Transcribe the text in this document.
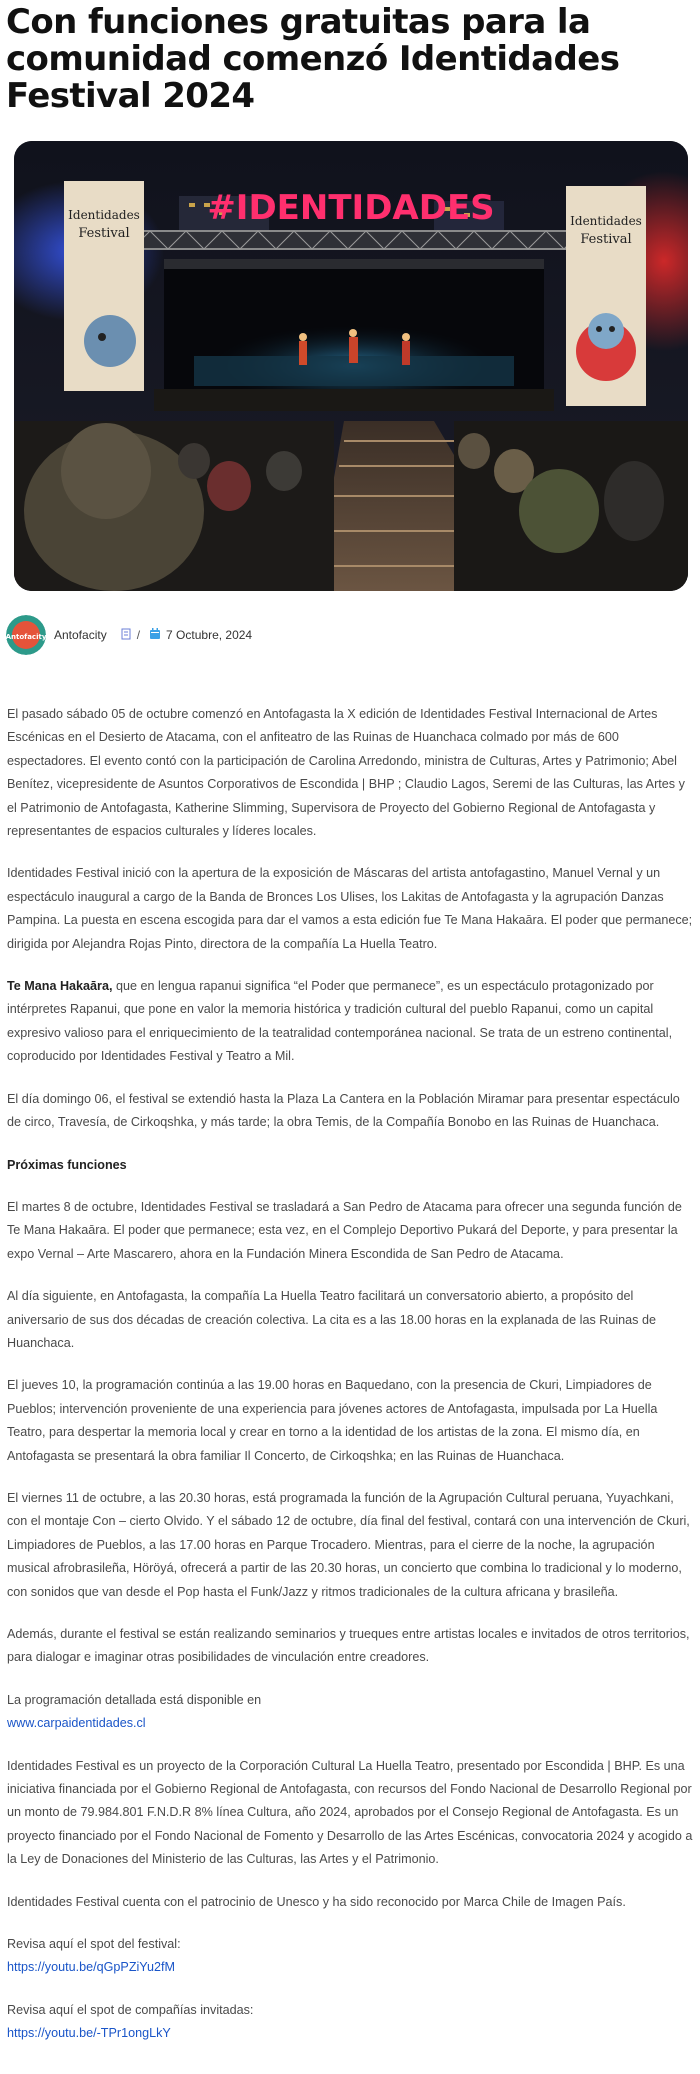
Con funciones gratuitas para la comunidad comenzó Identidades Festival 2024
#IDENTIDADES
Identidades
Festival
Identidades
Festival
Antofacity Antofacity	/ 7 Octubre, 2024

El pasado sábado 05 de octubre comenzó en Antofagasta la X edición de Identidades Festival Internacional de Artes Escénicas en el Desierto de Atacama, con el anfiteatro de las Ruinas de Huanchaca colmado por más de 600 espectadores. El evento contó con la participación de Carolina Arredondo, ministra de Culturas, Artes y Patrimonio; Abel Benítez, vicepresidente de Asuntos Corporativos de Escondida | BHP ; Claudio Lagos, Seremi de las Culturas, las Artes y el Patrimonio de Antofagasta, Katherine Slimming, Supervisora de Proyecto del Gobierno Regional de Antofagasta y representantes de espacios culturales y líderes locales.

Identidades Festival inició con la apertura de la exposición de Máscaras del artista antofagastino, Manuel Vernal y un espectáculo inaugural a cargo de la Banda de Bronces Los Ulises, los Lakitas de Antofagasta y la agrupación Danzas Pampina. La puesta en escena escogida para dar el vamos a esta edición fue Te Mana Hakaāra. El poder que permanece; dirigida por Alejandra Rojas Pinto, directora de la compañía La Huella Teatro.

Te Mana Hakaāra, que en lengua rapanui significa “el Poder que permanece”, es un espectáculo protagonizado por intérpretes Rapanui, que pone en valor la memoria histórica y tradición cultural del pueblo Rapanui, como un capital expresivo valioso para el enriquecimiento de la teatralidad contemporánea nacional. Se trata de un estreno continental, coproducido por Identidades Festival y Teatro a Mil.

El día domingo 06, el festival se extendió hasta la Plaza La Cantera en la Población Miramar para presentar espectáculo de circo, Travesía, de Cirkoqshka, y más tarde; la obra Temis, de la Compañía Bonobo en las Ruinas de Huanchaca.

Próximas funciones

El martes 8 de octubre, Identidades Festival se trasladará a San Pedro de Atacama para ofrecer una segunda función de Te Mana Hakaāra. El poder que permanece; esta vez, en el Complejo Deportivo Pukará del Deporte, y para presentar la expo Vernal – Arte Mascarero, ahora en la Fundación Minera Escondida de San Pedro de Atacama.

Al día siguiente, en Antofagasta, la compañía La Huella Teatro facilitará un conversatorio abierto, a propósito del aniversario de sus dos décadas de creación colectiva. La cita es a las 18.00 horas en la explanada de las Ruinas de Huanchaca.

El jueves 10, la programación continúa a las 19.00 horas en Baquedano, con la presencia de Ckuri, Limpiadores de Pueblos; intervención proveniente de una experiencia para jóvenes actores de Antofagasta, impulsada por La Huella Teatro, para despertar la memoria local y crear en torno a la identidad de los artistas de la zona. El mismo día, en Antofagasta se presentará la obra familiar Il Concerto, de Cirkoqshka; en las Ruinas de Huanchaca.

El viernes 11 de octubre, a las 20.30 horas, está programada la función de la Agrupación Cultural peruana, Yuyachkani, con el montaje Con – cierto Olvido. Y el sábado 12 de octubre, día final del festival, contará con una intervención de Ckuri, Limpiadores de Pueblos, a las 17.00 horas en Parque Trocadero. Mientras, para el cierre de la noche, la agrupación musical afrobrasileña, Höröyá, ofrecerá a partir de las 20.30 horas, un concierto que combina lo tradicional y lo moderno, con sonidos que van desde el Pop hasta el Funk/Jazz y ritmos tradicionales de la cultura africana y brasileña.

Además, durante el festival se están realizando seminarios y trueques entre artistas locales e invitados de otros territorios, para dialogar e imaginar otras posibilidades de vinculación entre creadores.

La programación detallada está disponible en
www.carpaidentidades.cl

Identidades Festival es un proyecto de la Corporación Cultural La Huella Teatro, presentado por Escondida | BHP. Es una iniciativa financiada por el Gobierno Regional de Antofagasta, con recursos del Fondo Nacional de Desarrollo Regional por un monto de 79.984.801 F.N.D.R 8% línea Cultura, año 2024, aprobados por el Consejo Regional de Antofagasta. Es un proyecto financiado por el Fondo Nacional de Fomento y Desarrollo de las Artes Escénicas, convocatoria 2024 y acogido a la Ley de Donaciones del Ministerio de las Culturas, las Artes y el Patrimonio.

Identidades Festival cuenta con el patrocinio de Unesco y ha sido reconocido por Marca Chile de Imagen País.

Revisa aquí el spot del festival:
https://youtu.be/qGpPZiYu2fM

Revisa aquí el spot de compañías invitadas:
https://youtu.be/-TPr1ongLkY
